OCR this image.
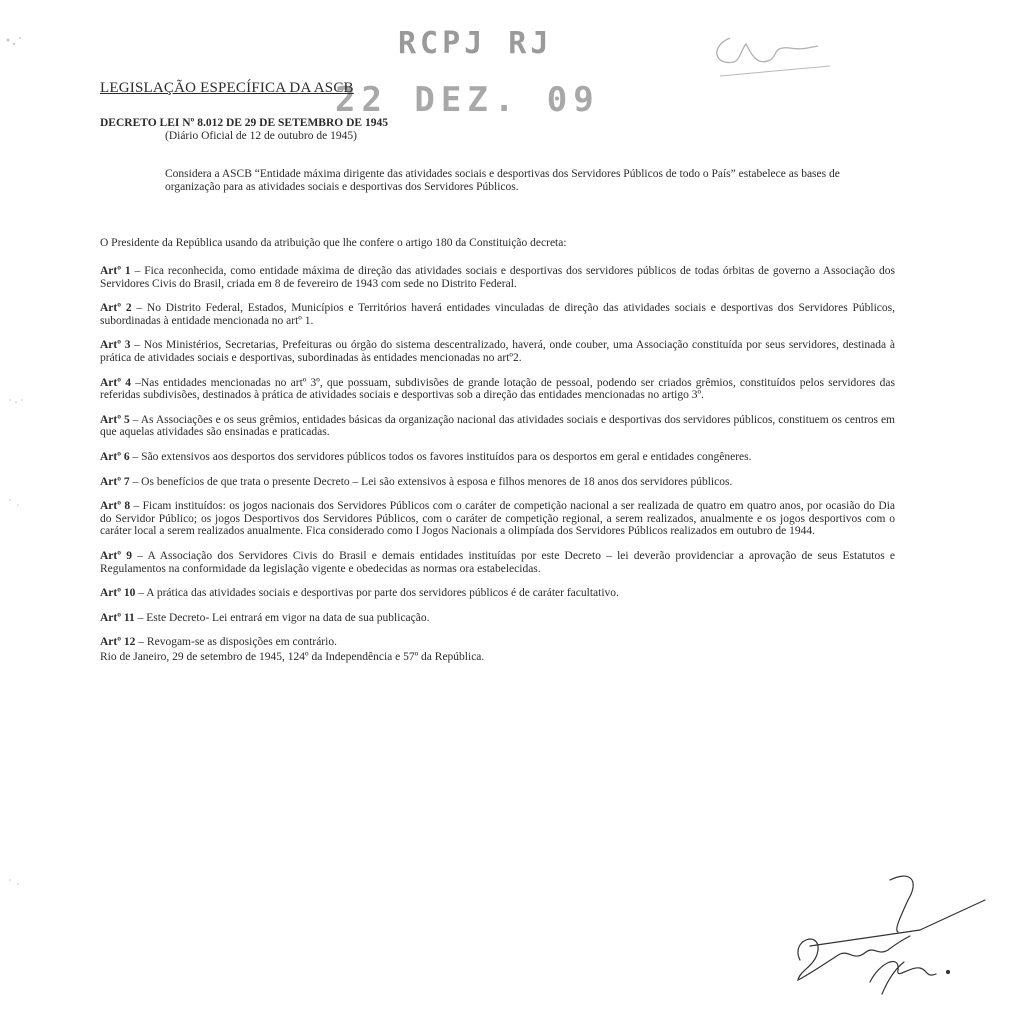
RCPJ RJ
22 DEZ. 09
LEGISLAÇÃO ESPECÍFICA DA ASCB
DECRETO LEI Nº 8.012 DE 29 DE SETEMBRO DE 1945
(Diário Oficial de 12 de outubro de 1945)
Considera a ASCB “Entidade máxima dirigente das atividades sociais e desportivas dos Servidores Públicos de todo o País” estabelece as bases de organização para as atividades sociais e desportivas dos Servidores Públicos.
O Presidente da República usando da atribuição que lhe confere o artigo 180 da Constituição decreta:

Artº 1 – Fica reconhecida, como entidade máxima de direção das atividades sociais e desportivas dos servidores públicos de todas órbitas de governo a Associação dos Servidores Civis do Brasil, criada em 8 de fevereiro de 1943 com sede no Distrito Federal.

Artº 2 – No Distrito Federal, Estados, Municípios e Territórios haverá entidades vinculadas de direção das atividades sociais e desportivas dos Servidores Públicos, subordinadas à entidade mencionada no artº 1.

Artº 3 – Nos Ministérios, Secretarias, Prefeituras ou órgão do sistema descentralizado, haverá, onde couber, uma Associação constituída por seus servidores, destinada à prática de atividades sociais e desportivas, subordinadas às entidades mencionadas no artº2.

Artº 4 –Nas entidades mencionadas no artº 3º, que possuam, subdivisões de grande lotação de pessoal, podendo ser criados grêmios, constituídos pelos servidores das referidas subdivisões, destinados à prática de atividades sociais e desportivas sob a direção das entidades mencionadas no artigo 3º.

Artº 5 – As Associações e os seus grêmios, entidades básicas da organização nacional das atividades sociais e desportivas dos servidores públicos, constituem os centros em que aquelas atividades são ensinadas e praticadas.

Artº 6 – São extensivos aos desportos dos servidores públicos todos os favores instituídos para os desportos em geral e entidades congêneres.

Artº 7 – Os benefícios de que trata o presente Decreto – Lei são extensivos à esposa e filhos menores de 18 anos dos servidores públicos.

Artº 8 – Ficam instituídos: os jogos nacionais dos Servidores Públicos com o caráter de competição nacional a ser realizada de quatro em quatro anos, por ocasião do Dia do Servidor Público; os jogos Desportivos dos Servidores Públicos, com o caráter de competição regional, a serem realizados, anualmente e os jogos desportivos com o caráter local a serem realizados anualmente. Fica considerado como I Jogos Nacionais a olimpíada dos Servidores Públicos realizados em outubro de 1944.

Artº 9 – A Associação dos Servidores Civis do Brasil e demais entidades instituídas por este Decreto – lei deverão providenciar a aprovação de seus Estatutos e Regulamentos na conformidade da legislação vigente e obedecidas as normas ora estabelecidas.

Artº 10 – A prática das atividades sociais e desportivas por parte dos servidores públicos é de caráter facultativo.

Artº 11 – Este Decreto- Lei entrará em vigor na data de sua publicação.

Artº 12 – Revogam-se as disposições em contrário.

Rio de Janeiro, 29 de setembro de 1945, 124º da Independência e 57º da República.
